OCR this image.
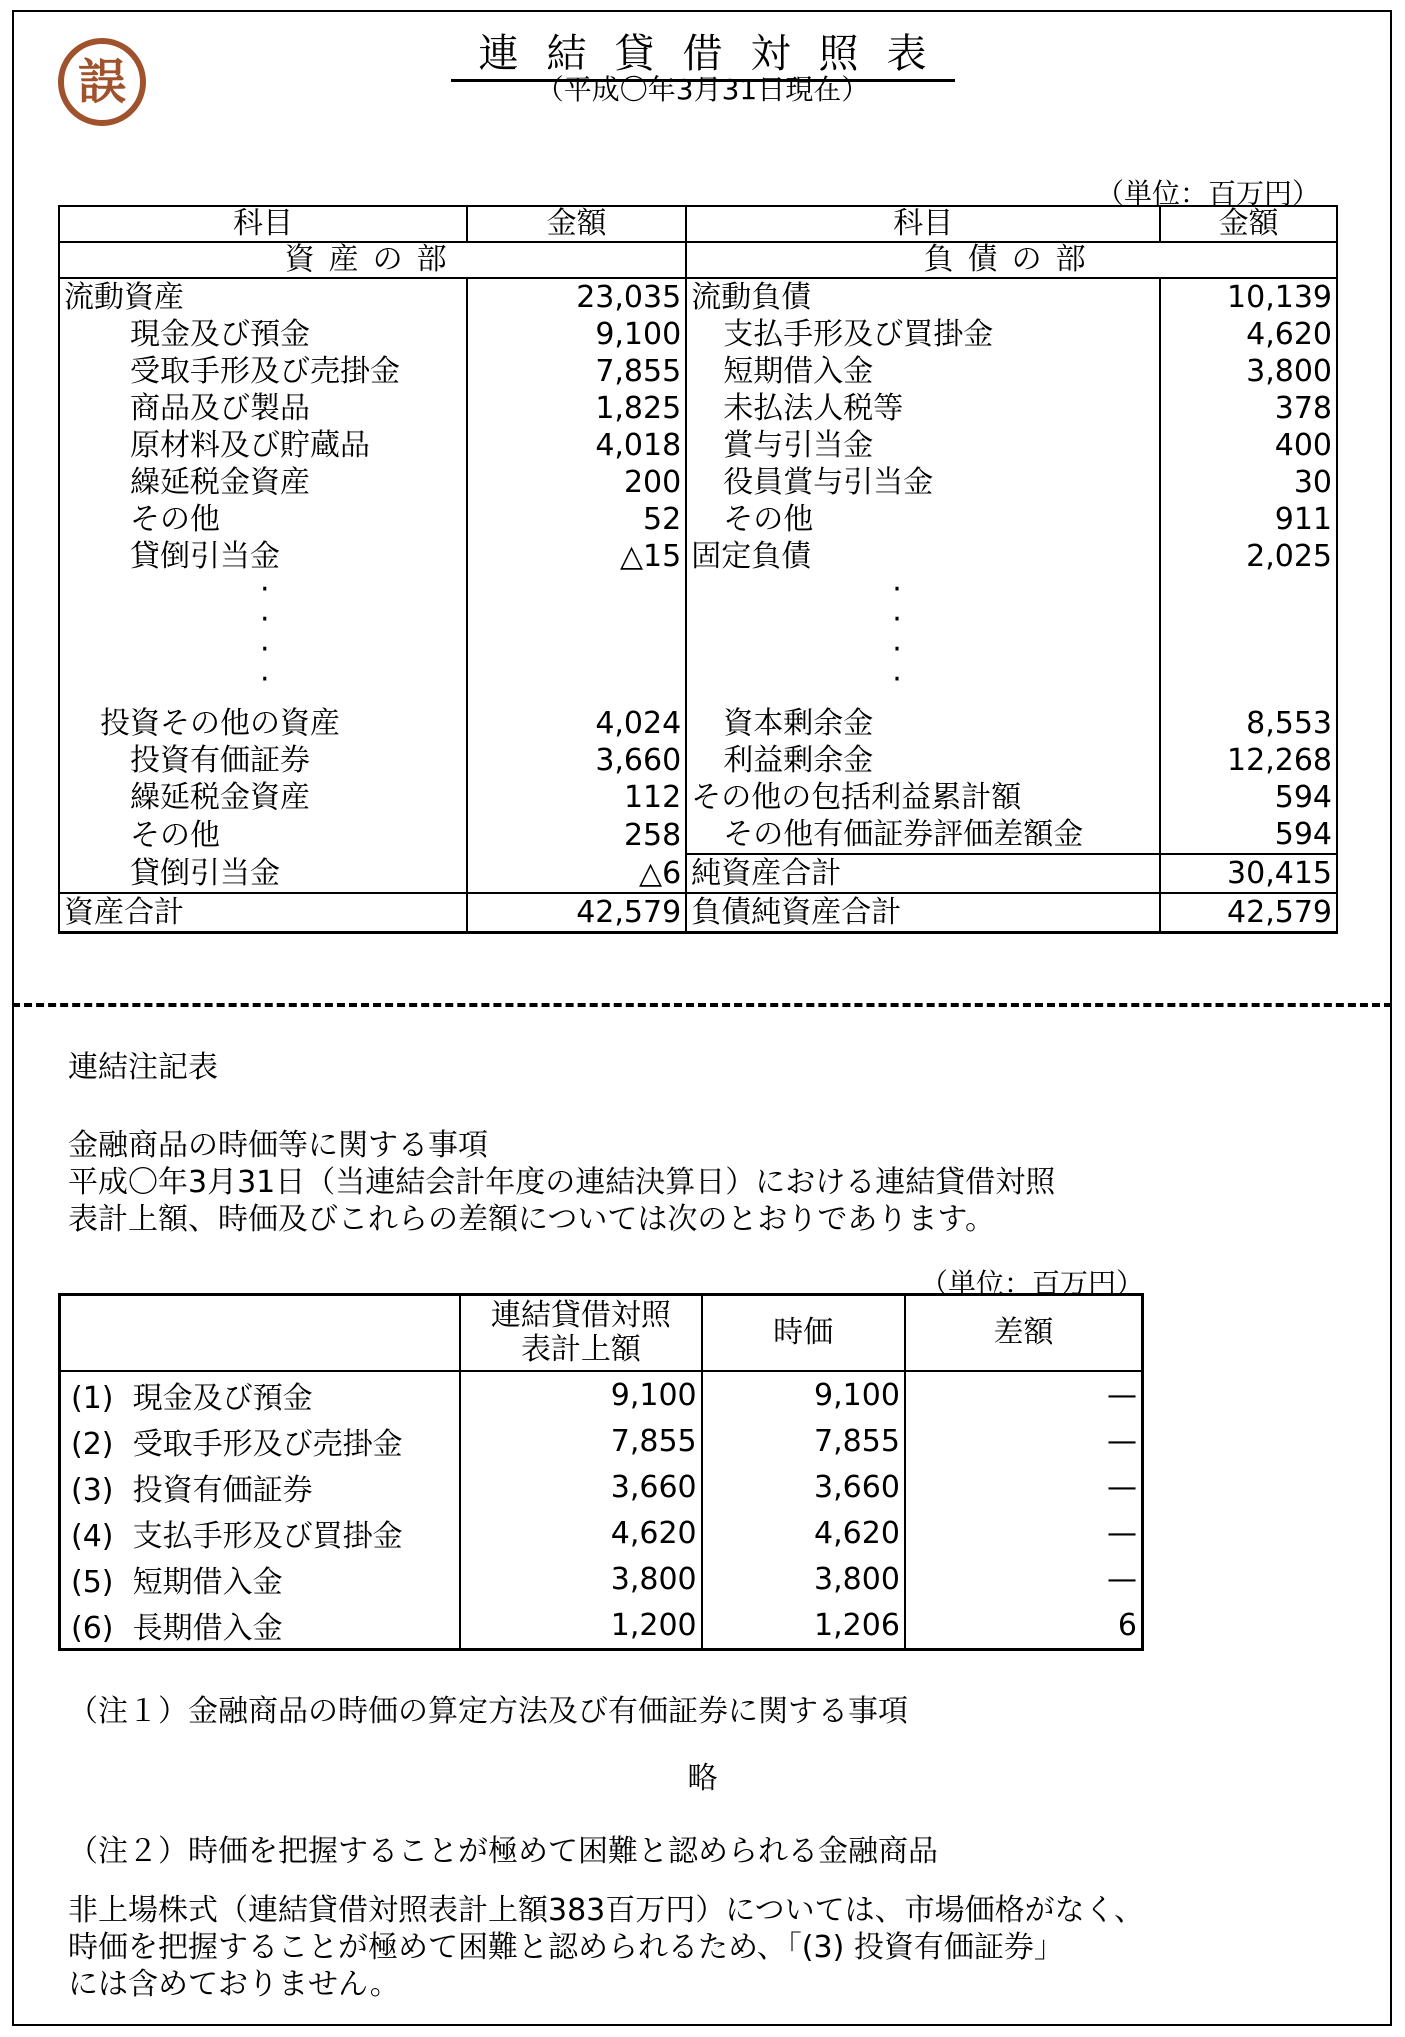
誤	連結貸借対照表
（平成〇年3月31日現在）
（単位：百万円）
科目	金額	科目	金額
資産の部		負債の部	
流動資産	23,035	流動負債	10,139
現金及び預金	9,100	支払手形及び買掛金	4,620
受取手形及び売掛金	7,855	短期借入金	3,800
商品及び製品	1,825	未払法人税等	378
原材料及び貯蔵品	4,018	賞与引当金	400
繰延税金資産	200	役員賞与引当金	30
その他	52	その他	911
貸倒引当金	△15	固定負債	2,025
·
·
·
·		·
·
·
·	
投資その他の資産	4,024	資本剰余金	8,553
投資有価証券	3,660	利益剰余金	12,268
繰延税金資産	112	その他の包括利益累計額	594
その他	258	その他有価証券評価差額金	594
貸倒引当金	△6	純資産合計	30,415
資産合計	42,579	負債純資産合計	42,579
連結注記表
金融商品の時価等に関する事項
平成〇年3月31日（当連結会計年度の連結決算日）における連結貸借対照
表計上額、時価及びこれらの差額については次のとおりであります。
（単位：百万円）
	連結貸借対照
表計上額	時価	差額
(1) 現金及び預金	9,100	9,100	—
(2) 受取手形及び売掛金	7,855	7,855	—
(3) 投資有価証券	3,660	3,660	—
(4) 支払手形及び買掛金	4,620	4,620	—
(5) 短期借入金	3,800	3,800	—
(6) 長期借入金	1,200	1,206	6
（注１）金融商品の時価の算定方法及び有価証券に関する事項
略
（注２）時価を把握することが極めて困難と認められる金融商品
非上場株式（連結貸借対照表計上額383百万円）については、市場価格がなく、
時価を把握することが極めて困難と認められるため、「(3) 投資有価証券」
には含めておりません。
